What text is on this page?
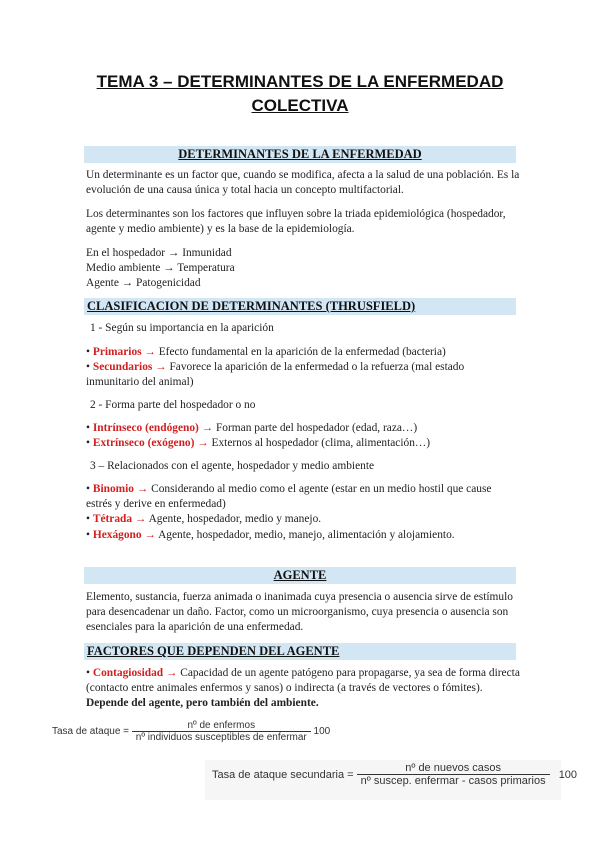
TEMA 3 – DETERMINANTES DE LA ENFERMEDAD
COLECTIVA
DETERMINANTES DE LA ENFERMEDAD

Un determinante es un factor que, cuando se modifica, afecta a la salud de una población. Es la evolución de una causa única y total hacia un concepto multifactorial.

Los determinantes son los factores que influyen sobre la triada epidemiológica (hospedador, agente y medio ambiente) y es la base de la epidemiología.

En el hospedador → Inmunidad
Medio ambiente → Temperatura
Agente → Patogenicidad

CLASIFICACION DE DETERMINANTES (THRUSFIELD)

1 - Según su importancia en la aparición

• Primarios → Efecto fundamental en la aparición de la enfermedad (bacteria)
• Secundarios → Favorece la aparición de la enfermedad o la refuerza (mal estado inmunitario del animal)

2 - Forma parte del hospedador o no

• Intrínseco (endógeno) → Forman parte del hospedador (edad, raza…)
• Extrínseco (exógeno) → Externos al hospedador (clima, alimentación…)

3 – Relacionados con el agente, hospedador y medio ambiente

• Binomio → Considerando al medio como el agente (estar en un medio hostil que cause estrés y derive en enfermedad)
• Tétrada → Agente, hospedador, medio y manejo.
• Hexágono → Agente, hospedador, medio, manejo, alimentación y alojamiento.

AGENTE

Elemento, sustancia, fuerza animada o inanimada cuya presencia o ausencia sirve de estímulo para desencadenar un daño. Factor, como un microorganismo, cuya presencia o ausencia son esenciales para la aparición de una enfermedad.

FACTORES QUE DEPENDEN DEL AGENTE

• Contagiosidad → Capacidad de un agente patógeno para propagarse, ya sea de forma directa (contacto entre animales enfermos y sanos) o indirecta (a través de vectores o fómites). Depende del agente, pero también del ambiente.

Tasa de ataque = $\frac{\text{nº de enfermos}}{\text{nº individuos susceptibles de enfermar}} 100$
Tasa de ataque secundaria = $\frac{\text{nº de nuevos casos}}{\text{nº suscep. enfermar - casos primarios}} 100$
